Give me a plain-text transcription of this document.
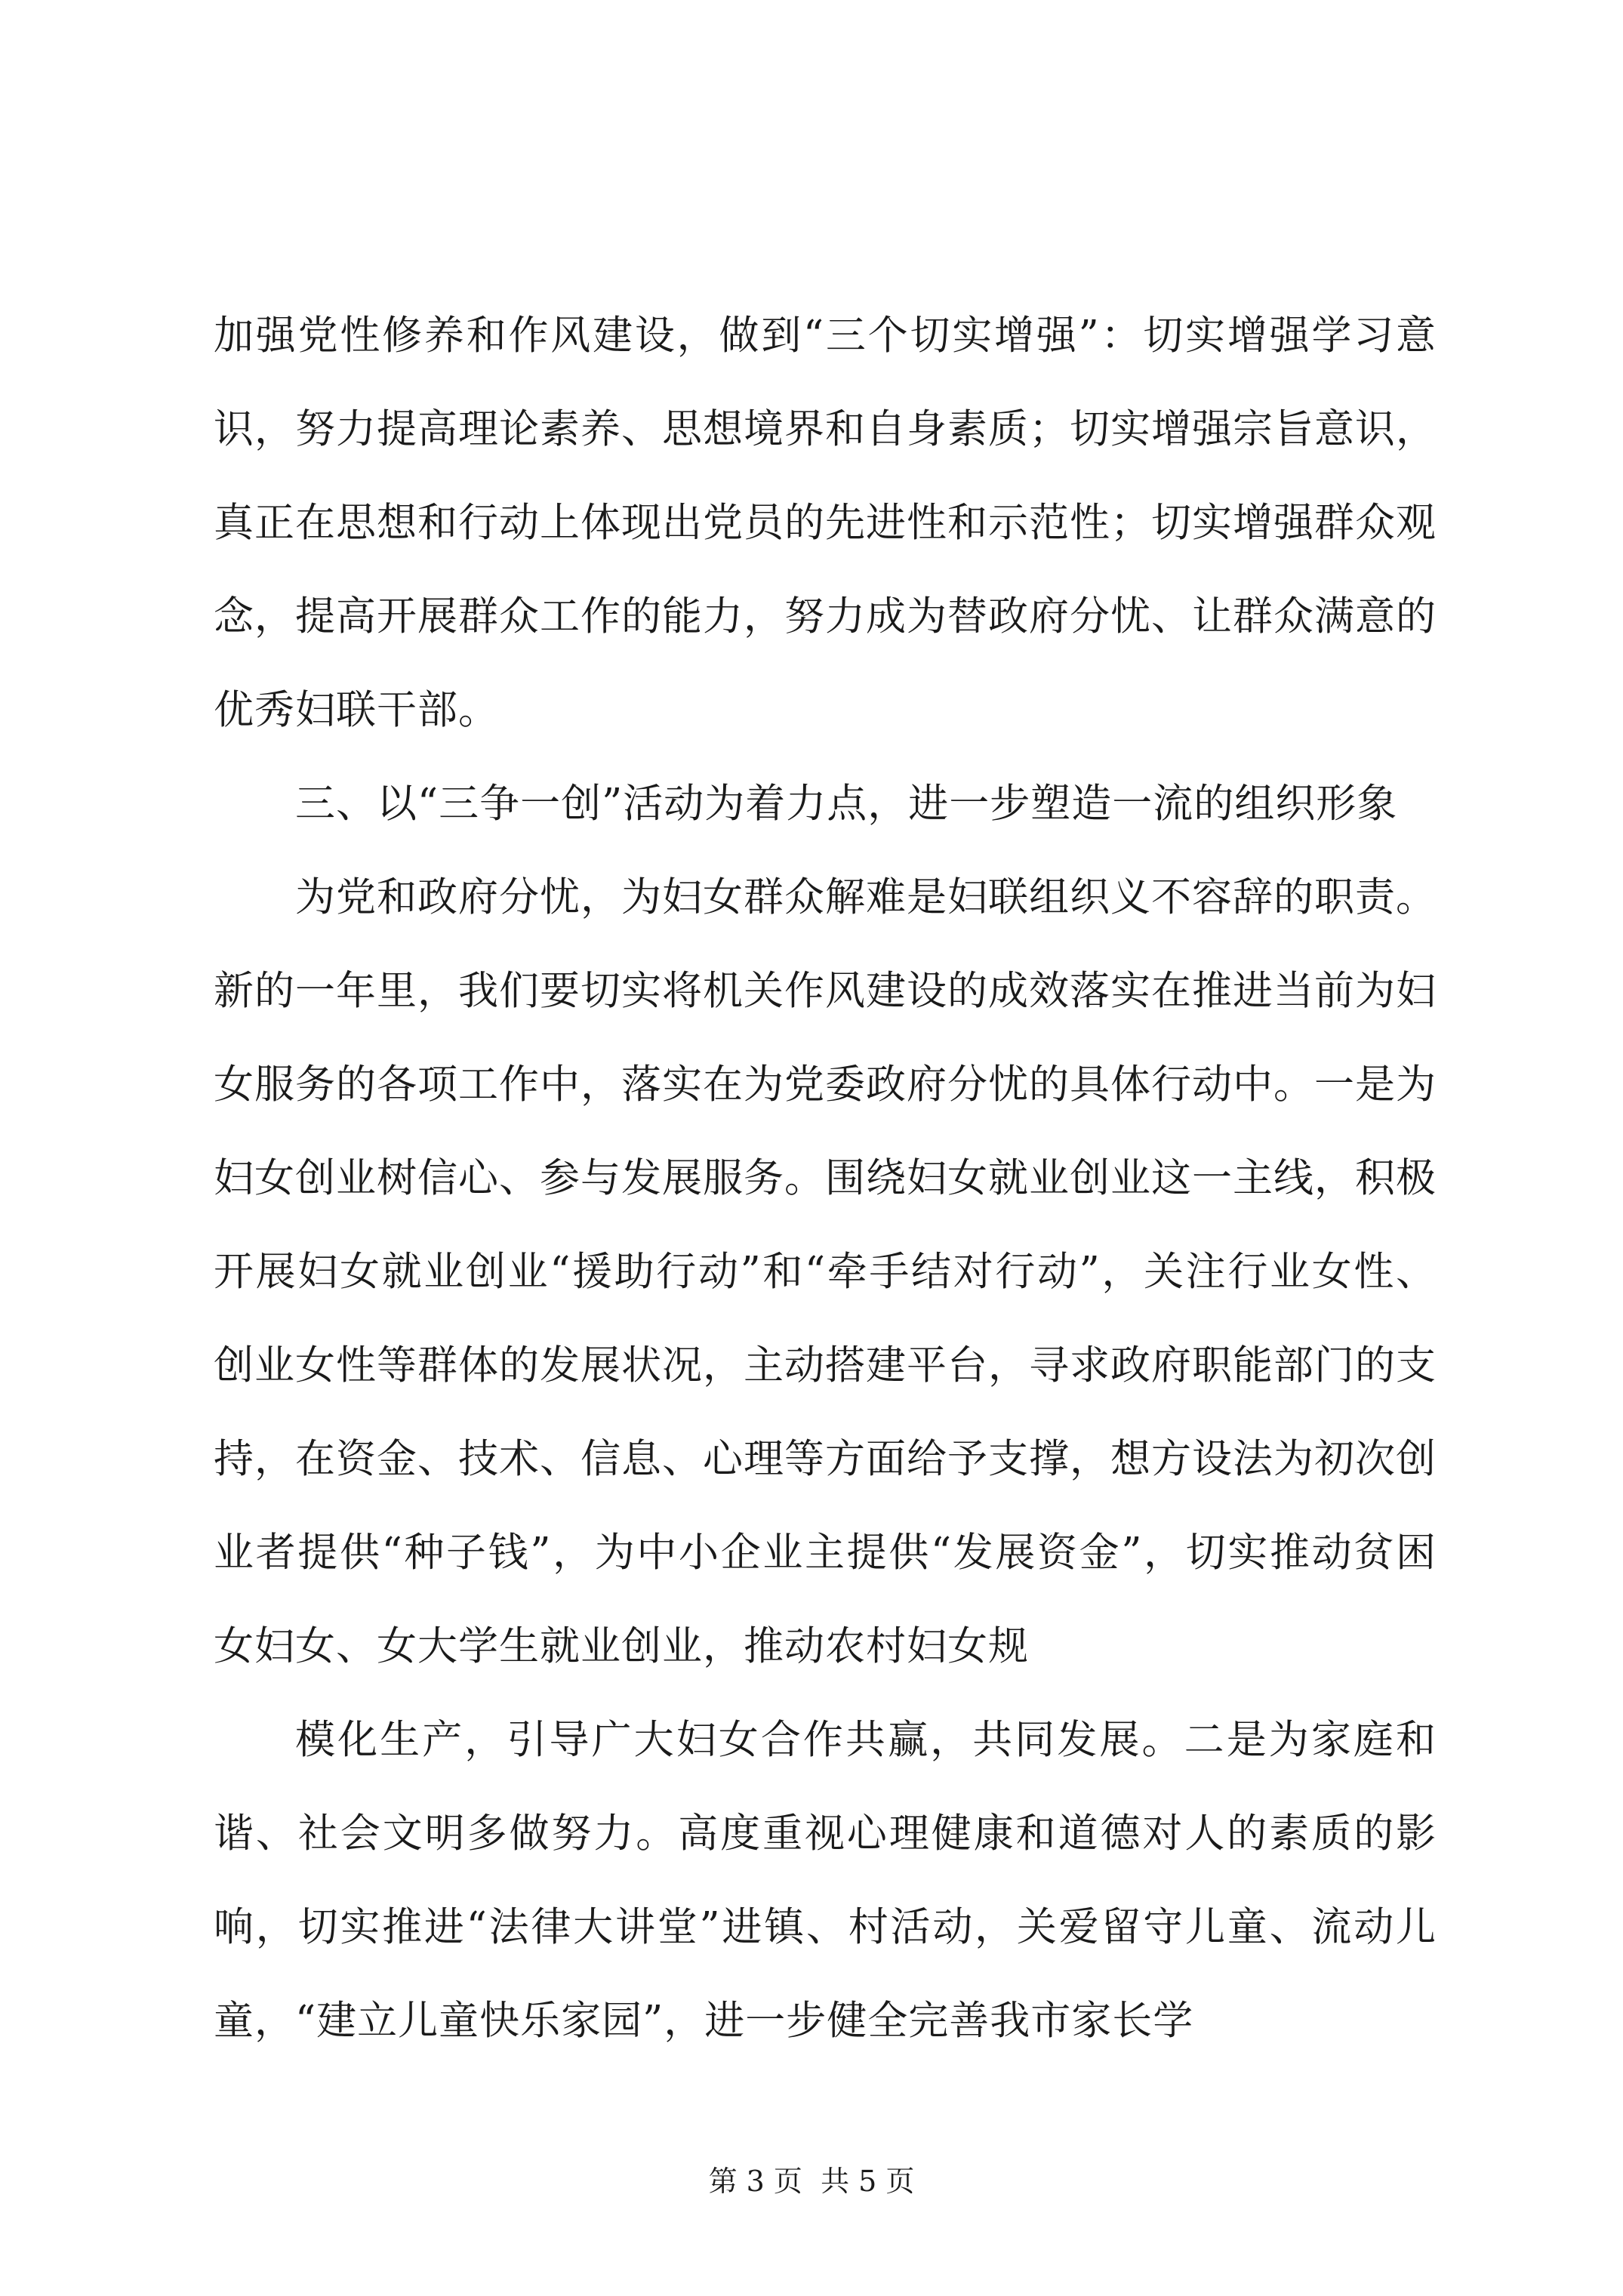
加强党性修养和作风建设，做到“三个切实增强”：切实增强学习意识，努力提高理论素养、思想境界和自身素质；切实增强宗旨意识，真正在思想和行动上体现出党员的先进性和示范性；切实增强群众观念，提高开展群众工作的能力，努力成为替政府分忧、让群众满意的优秀妇联干部。

三、以“三争一创”活动为着力点，进一步塑造一流的组织形象

为党和政府分忧，为妇女群众解难是妇联组织义不容辞的职责。新的一年里，我们要切实将机关作风建设的成效落实在推进当前为妇女服务的各项工作中，落实在为党委政府分忧的具体行动中。一是为妇女创业树信心、参与发展服务。围绕妇女就业创业这一主线，积极开展妇女就业创业“援助行动”和“牵手结对行动”，关注行业女性、创业女性等群体的发展状况，主动搭建平台，寻求政府职能部门的支持，在资金、技术、信息、心理等方面给予支撑，想方设法为初次创业者提供“种子钱”，为中小企业主提供“发展资金”，切实推动贫困女妇女、女大学生就业创业，推动农村妇女规

模化生产，引导广大妇女合作共赢，共同发展。二是为家庭和谐、社会文明多做努力。高度重视心理健康和道德对人的素质的影响，切实推进“法律大讲堂”进镇、村活动，关爱留守儿童、流动儿童，“建立儿童快乐家园”，进一步健全完善我市家长学

第 3 页  共 5 页
